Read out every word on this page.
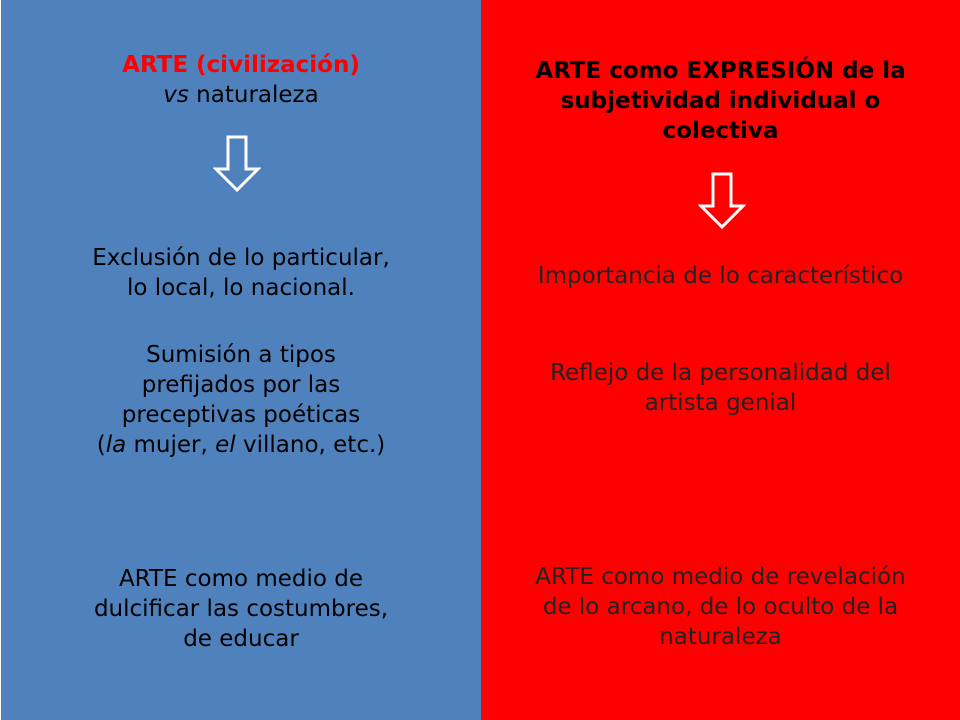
ARTE (civilización)
vs naturaleza
Exclusión de lo particular,
lo local, lo nacional.
Sumisión a tipos
prefijados por las
preceptivas poéticas
(la mujer, el villano, etc.)
ARTE como medio de
dulcificar las costumbres,
de educar
ARTE como EXPRESIÓN de la
subjetividad individual o
colectiva
Importancia de lo característico
Reflejo de la personalidad del
artista genial
ARTE como medio de revelación
de lo arcano, de lo oculto de la
naturaleza
